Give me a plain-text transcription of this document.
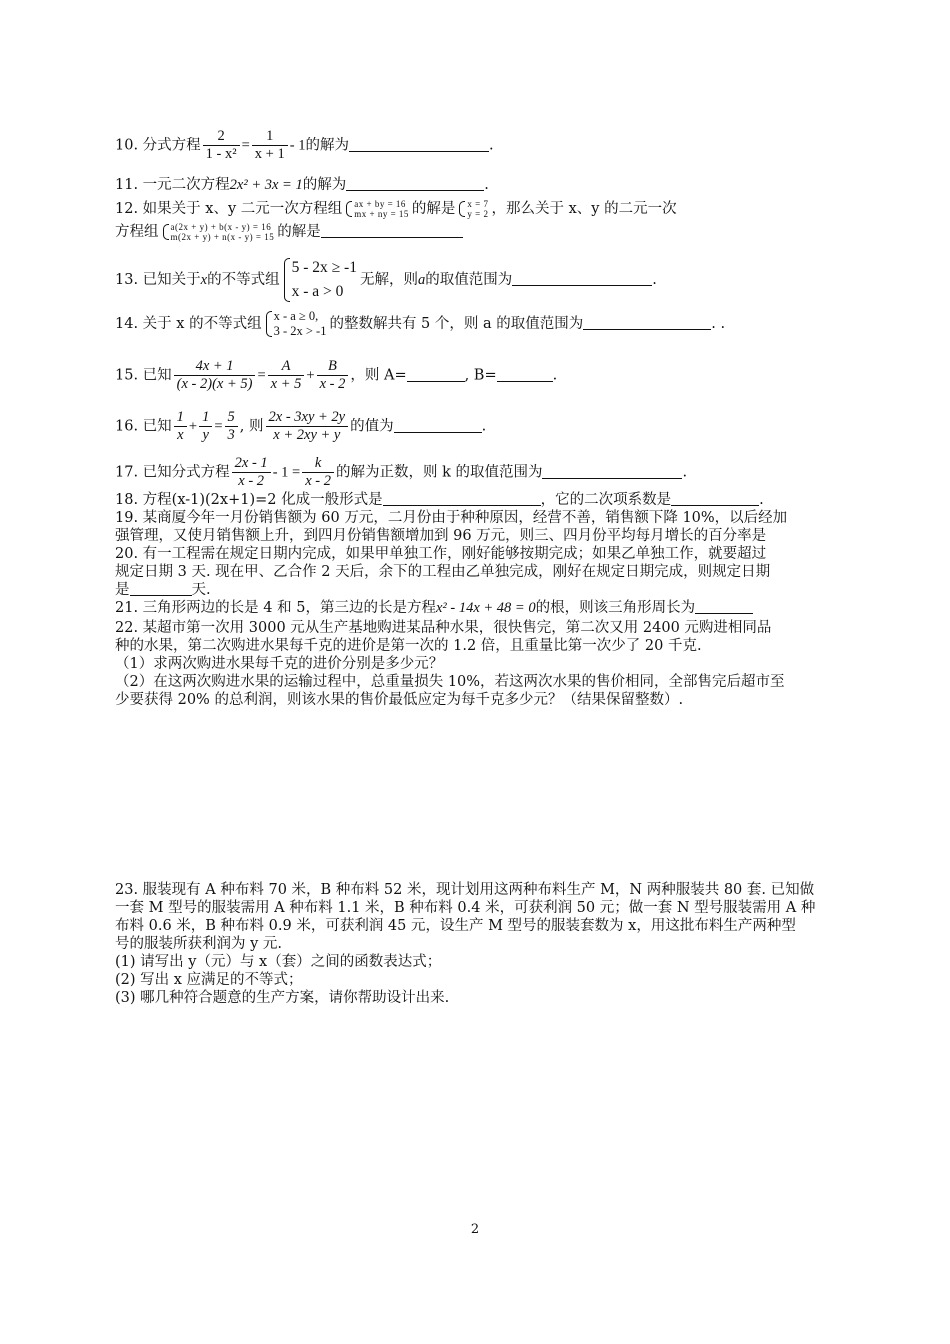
10. 分式方程 $\frac{2}{\text{1 - x²}} = \frac{1}{x + 1} - 1$的解为	.
11. 一元二次方程2x² + 3x = 1的解为	.
12. 如果关于 x、y 二元一次方程组 ax + by = 16
mx + ny = 15 的解是 x = 7
y = 2 ，那么关于 x、y 的二元一次
方程组 a(2x + y) + b(x - y) = 16
m(2x + y) + n(x - y) = 15 的解是
13. 已知关于x的不等式组
5 - 2x ≥ -1
x - a > 0
无解，则a的取值范围为	.
14. 关于 x 的不等式组 x - a ≥ 0,
3 - 2x > -1 的整数解共有 5 个，则 a 的取值范围为	. .
15. 已知 $\frac{4x + 1}{(x - 2)(x + 5)} = \frac{A}{x + 5} + \frac{B}{x - 2}$ ，则 A=	, B=	.
16. 已知 $\frac{1}{x} + \frac{1}{y} = \frac{5}{3}$ , 则 $\frac{2x - 3xy + 2y}{x + 2xy + y}$ 的值为	.
17. 已知分式方程 $\frac{2x - 1}{x - 2} - 1 = \frac{k}{x - 2}$ 的解为正数，则 k 的取值范围为	.
18. 方程(x-1)(2x+1)=2 化成一般形式是	，它的二次项系数是	.
19. 某商厦今年一月份销售额为 60 万元，二月份由于种种原因，经营不善，销售额下降 10%，以后经加
强管理，又使月销售额上升，到四月份销售额增加到 96 万元，则三、四月份平均每月增长的百分率是
20. 有一工程需在规定日期内完成，如果甲单独工作，刚好能够按期完成；如果乙单独工作，就要超过
规定日期 3 天. 现在甲、乙合作 2 天后，余下的工程由乙单独完成，刚好在规定日期完成，则规定日期
是	天.
21. 三角形两边的长是 4 和 5，第三边的长是方程x² - 14x + 48 = 0的根，则该三角形周长为
22. 某超市第一次用 3000 元从生产基地购进某品种水果，很快售完，第二次又用 2400 元购进相同品
种的水果，第二次购进水果每千克的进价是第一次的 1.2 倍，且重量比第一次少了 20 千克.
（1）求两次购进水果每千克的进价分别是多少元？
（2）在这两次购进水果的运输过程中，总重量损失 10%，若这两次水果的售价相同，全部售完后超市至
少要获得 20% 的总利润，则该水果的售价最低应定为每千克多少元？（结果保留整数）.
23. 服装现有 A 种布料 70 米，B 种布料 52 米，现计划用这两种布料生产 M，N 两种服装共 80 套. 已知做
一套 M 型号的服装需用 A 种布料 1.1 米，B 种布料 0.4 米，可获利润 50 元；做一套 N 型号服装需用 A 种
布料 0.6 米，B 种布料 0.9 米，可获利润 45 元，设生产 M 型号的服装套数为 x，用这批布料生产两种型
号的服装所获利润为 y 元.
(1) 请写出 y（元）与 x（套）之间的函数表达式；
(2) 写出 x 应满足的不等式；
(3) 哪几种符合题意的生产方案，请你帮助设计出来.
2
